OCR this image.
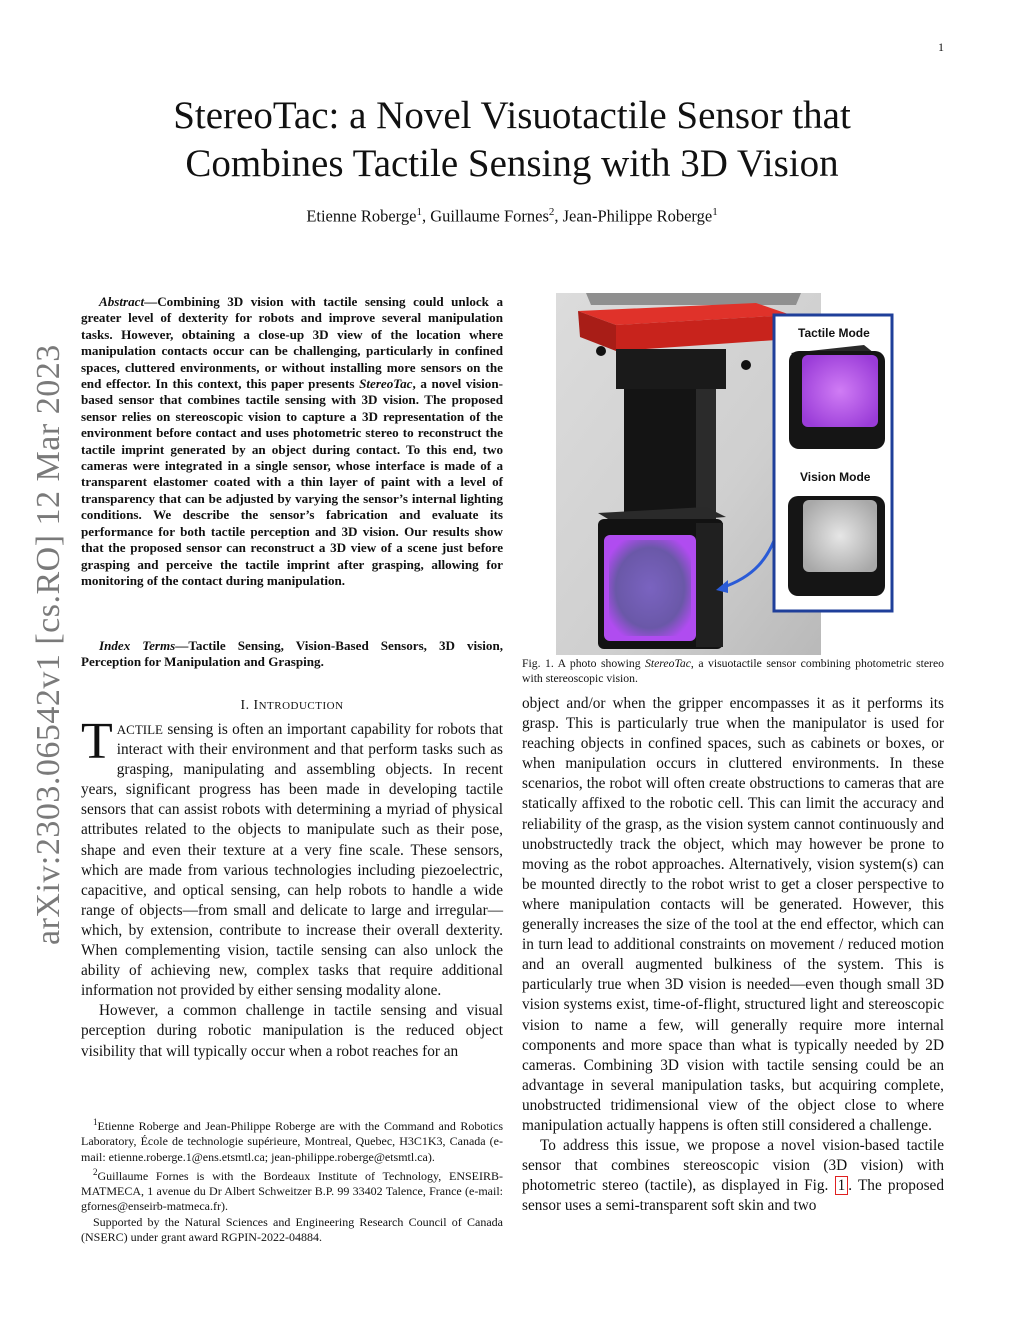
1
arXiv:2303.06542v1 [cs.RO] 12 Mar 2023
StereoTac: a Novel Visuotactile Sensor that
Combines Tactile Sensing with 3D Vision
Etienne Roberge$^1$, Guillaume Fornes$^2$, Jean-Philippe Roberge$^1$

Abstract—Combining 3D vision with tactile sensing could unlock a greater level of dexterity for robots and improve several manipulation tasks. However, obtaining a close-up 3D view of the location where manipulation contacts occur can be challenging, particularly in confined spaces, cluttered environments, or without installing more sensors on the end effector. In this context, this paper presents StereoTac, a novel vision-based sensor that combines tactile sensing with 3D vision. The proposed sensor relies on stereoscopic vision to capture a 3D representation of the environment before contact and uses photometric stereo to reconstruct the tactile imprint generated by an object during contact. To this end, two cameras were integrated in a single sensor, whose interface is made of a transparent elastomer coated with a thin layer of paint with a level of transparency that can be adjusted by varying the sensor’s internal lighting conditions. We describe the sensor’s fabrication and evaluate its performance for both tactile perception and 3D vision. Our results show that the proposed sensor can reconstruct a 3D view of a scene just before grasping and perceive the tactile imprint after grasping, allowing for monitoring of the contact during manipulation.

Index Terms—Tactile Sensing, Vision-Based Sensors, 3D vision, Perception for Manipulation and Grasping.
I. INTRODUCTION

TACTILE sensing is often an important capability for robots that interact with their environment and that perform tasks such as grasping, manipulating and assembling objects. In recent years, significant progress has been made in developing tactile sensors that can assist robots with determining a myriad of physical attributes related to the objects to manipulate such as their pose, shape and even their texture at a very fine scale. These sensors, which are made from various technologies including piezoelectric, capacitive, and optical sensing, can help robots to handle a wide range of objects—from small and delicate to large and irregular—which, by extension, contribute to increase their overall dexterity. When complementing vision, tactile sensing can also unlock the ability of achieving new, complex tasks that require additional information not provided by either sensing modality alone.

However, a common challenge in tactile sensing and visual perception during robotic manipulation is the reduced object visibility that will typically occur when a robot reaches for an

$^1$Etienne Roberge and Jean-Philippe Roberge are with the Command and Robotics Laboratory, École de technologie supérieure, Montreal, Quebec, H3C1K3, Canada (e-mail: etienne.roberge.1@ens.etsmtl.ca; jean-philippe.roberge@etsmtl.ca).

$^2$Guillaume Fornes is with the Bordeaux Institute of Technology, ENSEIRB-MATMECA, 1 avenue du Dr Albert Schweitzer B.P. 99 33402 Talence, France (e-mail: gfornes@enseirb-matmeca.fr).

Supported by the Natural Sciences and Engineering Research Council of Canada (NSERC) under grant award RGPIN-2022-04884.

Tactile Mode
Vision Mode
Fig. 1. A photo showing StereoTac, a visuotactile sensor combining photometric stereo with stereoscopic vision.

object and/or when the gripper encompasses it as it performs its grasp. This is particularly true when the manipulator is used for reaching objects in confined spaces, such as cabinets or boxes, or when manipulation occurs in cluttered environments. In these scenarios, the robot will often create obstructions to cameras that are statically affixed to the robotic cell. This can limit the accuracy and reliability of the grasp, as the vision system cannot continuously and unobstructedly track the object, which may however be prone to moving as the robot approaches. Alternatively, vision system(s) can be mounted directly to the robot wrist to get a closer perspective to where manipulation contacts will be generated. However, this generally increases the size of the tool at the end effector, which can in turn lead to additional constraints on movement / reduced motion and an overall augmented bulkiness of the system. This is particularly true when 3D vision is needed—even though small 3D vision systems exist, time-of-flight, structured light and stereoscopic vision to name a few, will generally require more internal components and more space than what is typically needed by 2D cameras. Combining 3D vision with tactile sensing could be an advantage in several manipulation tasks, but acquiring complete, unobstructed tridimensional view of the object close to where manipulation actually happens is often still considered a challenge.

To address this issue, we propose a novel vision-based tactile sensor that combines stereoscopic vision (3D vision) with photometric stereo (tactile), as displayed in Fig. 1 . The proposed sensor uses a semi-transparent soft skin and two
